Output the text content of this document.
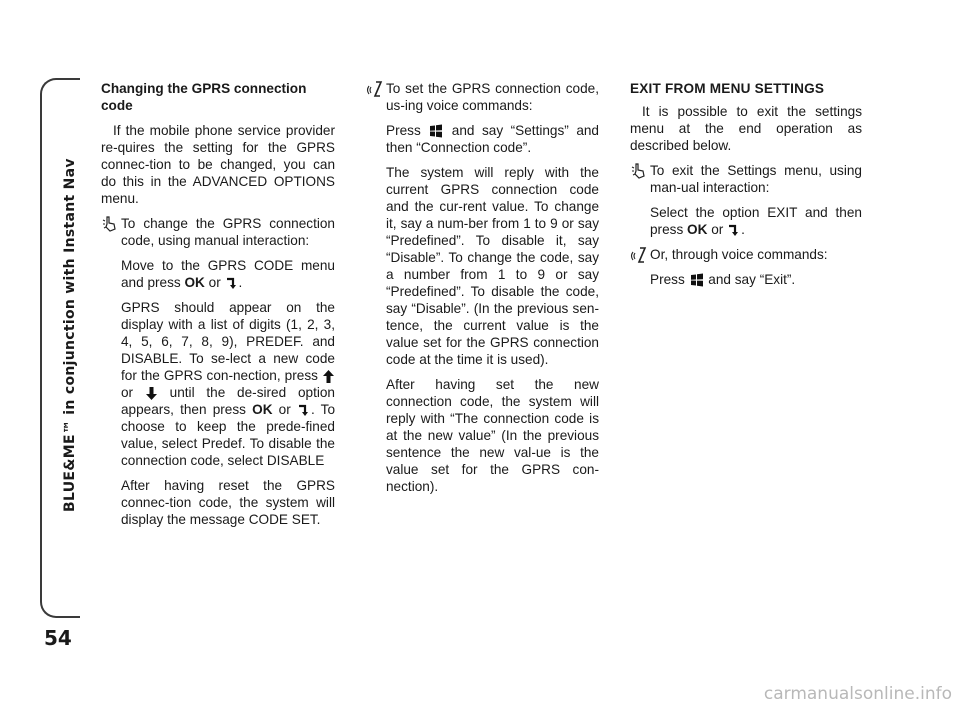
BLUE&ME™ in conjunction with Instant Nav
54

Changing the GPRS connection code

If the mobile phone service provider re-quires the setting for the GPRS connec-tion to be changed, you can do this in the ADVANCED OPTIONS menu.

To change the GPRS connection code, using manual interaction:

Move to the GPRS CODE menu and press OK or .

GPRS should appear on the display with a list of digits (1, 2, 3, 4, 5, 6, 7, 8, 9), PREDEF. and DISABLE. To se-lect a new code for the GPRS con-nection, press  or  until the de-sired option appears, then press OK or . To choose to keep the prede-fined value, select Predef. To disable the connection code, select DISABLE

After having reset the GPRS connec-tion code, the system will display the message CODE SET.

To set the GPRS connection code, us-ing voice commands:

Press  and say “Settings” and then “Connection code”.

The system will reply with the current GPRS connection code and the cur-rent value. To change it, say a num-ber from 1 to 9 or say “Predefined”. To disable it, say “Disable”. To change the code, say a number from 1 to 9 or say “Predefined”. To disable the code, say “Disable”. (In the previous sen-tence, the current value is the value set for the GPRS connection code at the time it is used).

After having set the new connection code, the system will reply with “The connection code is at the new value” (In the previous sentence the new val-ue is the value set for the GPRS con-nection).

EXIT FROM MENU SETTINGS

It is possible to exit the settings menu at the end operation as described below.

To exit the Settings menu, using man-ual interaction:

Select the option EXIT and then press OK or .

Or, through voice commands:

Press  and say “Exit”.

carmanualsonline.info
